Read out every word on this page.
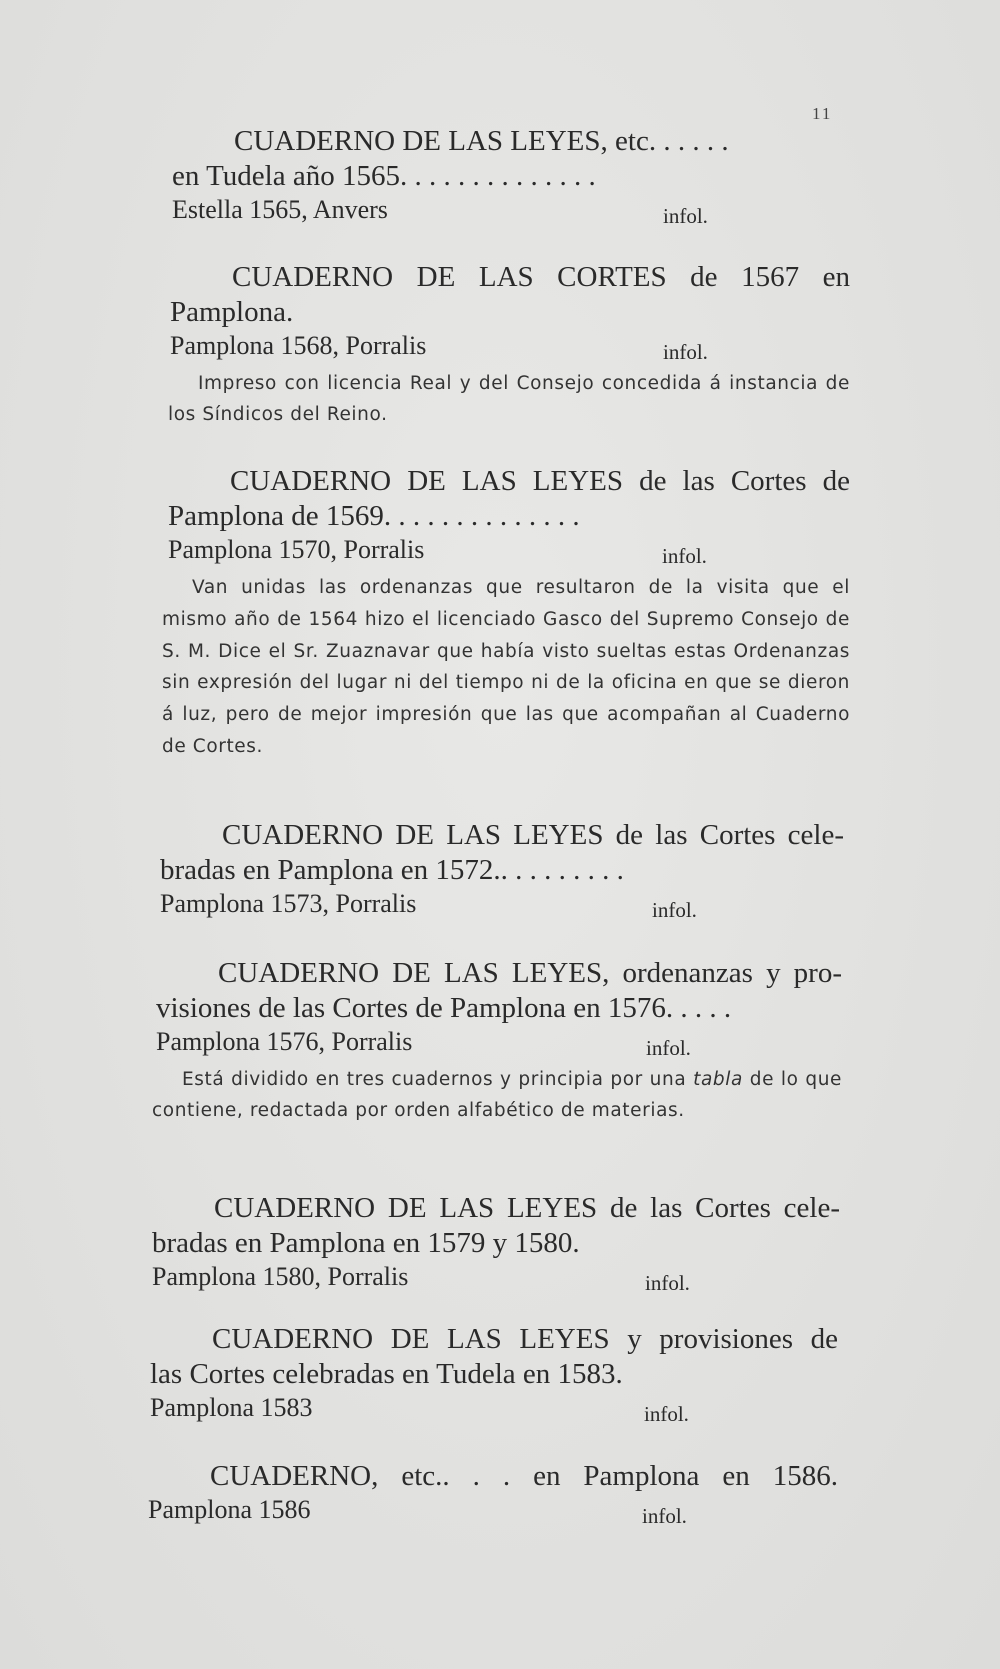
11
CUADERNO DE LAS LEYES, etc. . . . . .
en Tudela año 1565. . . . . . . . . . . . . .
Estella 1565, Anvers	infol.
CUADERNO DE LAS CORTES de 1567 en
Pamplona.
Pamplona 1568, Porralis	infol.
Impreso con licencia Real y del Consejo concedida á instancia de los Síndicos del Reino.
CUADERNO DE LAS LEYES de las Cortes de
Pamplona de 1569. . . . . . . . . . . . . .
Pamplona 1570, Porralis	infol.
Van unidas las ordenanzas que resultaron de la visita que el mismo año de 1564 hizo el licenciado Gasco del Supremo Consejo de S. M. Dice el Sr. Zuaznavar que había visto sueltas estas Ordenanzas sin expresión del lugar ni del tiempo ni de la oficina en que se dieron á luz, pero de mejor impresión que las que acompañan al Cuaderno de Cortes.
CUADERNO DE LAS LEYES de las Cortes cele-
bradas en Pamplona en 1572.. . . . . . . . .
Pamplona 1573, Porralis	infol.
CUADERNO DE LAS LEYES, ordenanzas y pro-
visiones de las Cortes de Pamplona en 1576. . . . .
Pamplona 1576, Porralis	infol.
Está dividido en tres cuadernos y principia por una tabla de lo que contiene, redactada por orden alfabético de materias.
CUADERNO DE LAS LEYES de las Cortes cele-
bradas en Pamplona en 1579 y 1580.
Pamplona 1580, Porralis	infol.
CUADERNO DE LAS LEYES y provisiones de
las Cortes celebradas en Tudela en 1583.
Pamplona 1583	infol.
CUADERNO, etc.. . . en Pamplona en 1586.
Pamplona 1586	infol.
